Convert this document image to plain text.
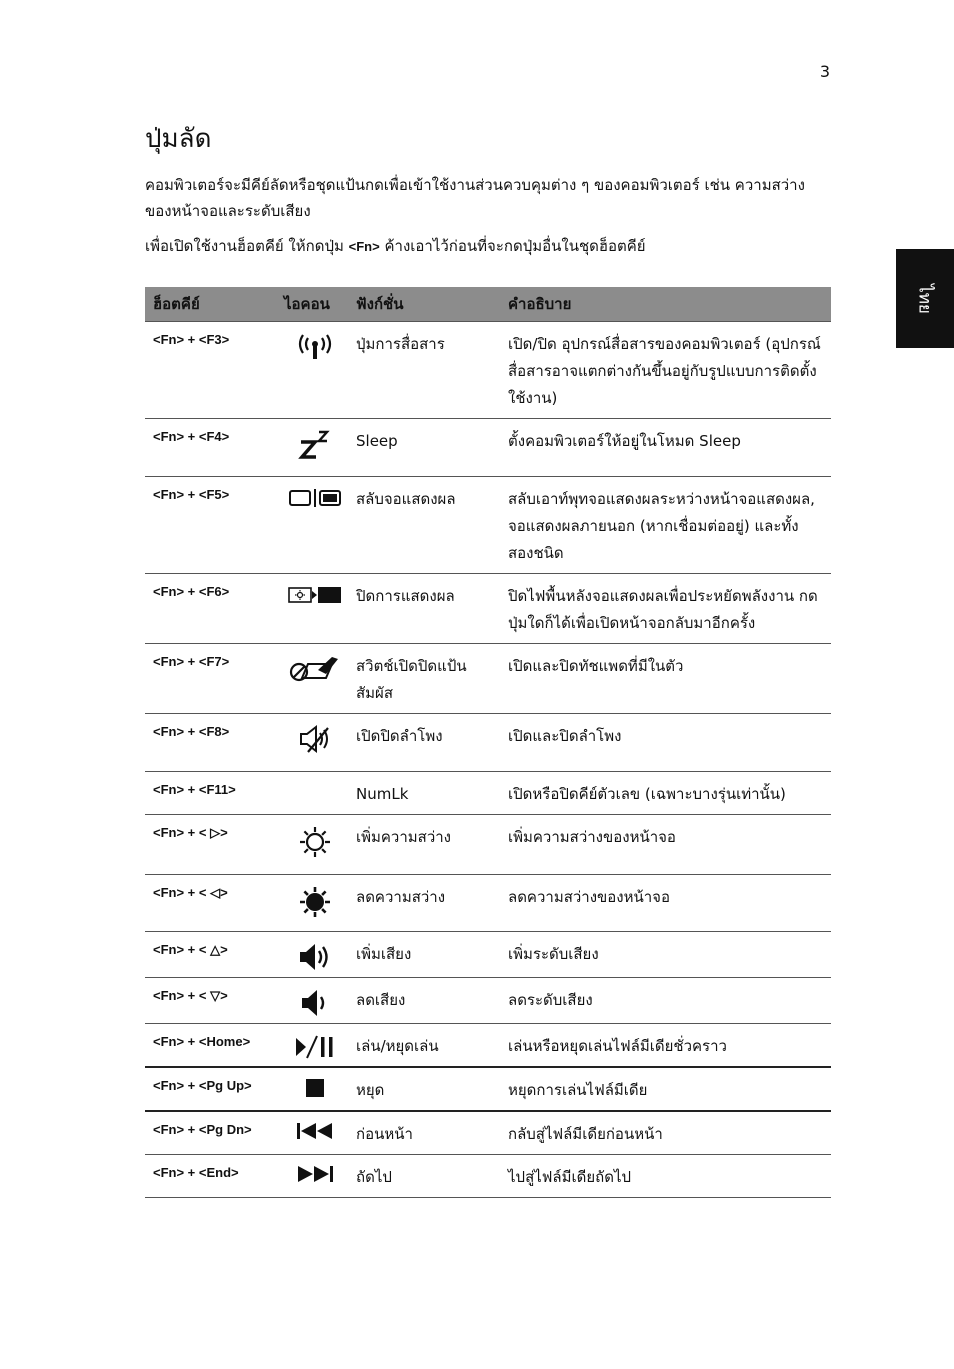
3
ไทย
ปุ่มลัด

คอมพิวเตอร์จะมีคีย์ลัดหรือชุดแป้นกดเพื่อเข้าใช้งานส่วนควบคุมต่าง ๆ ของคอมพิวเตอร์ เช่น ความสว่างของหน้าจอและระดับเสียง

เพื่อเปิดใช้งานฮ็อตคีย์ ให้กดปุ่ม <Fn> ค้างเอาไว้ก่อนที่จะกดปุ่มอื่นในชุดฮ็อตคีย์

ฮ็อตคีย์	ไอคอน	ฟังก์ชั่น	คำอธิบาย
<Fn> + <F3>		ปุ่มการสื่อสาร	เปิด/ปิด อุปกรณ์สื่อสารของคอมพิวเตอร์ (อุปกรณ์สื่อสารอาจแตกต่างกันขึ้นอยู่กับรูปแบบการติดตั้งใช้งาน)
<Fn> + <F4>		Sleep	ตั้งคอมพิวเตอร์ให้อยู่ในโหมด Sleep
<Fn> + <F5>		สลับจอแสดงผล	สลับเอาท์พุทจอแสดงผลระหว่างหน้าจอแสดงผล, จอแสดงผลภายนอก (หากเชื่อมต่ออยู่) และทั้งสองชนิด
<Fn> + <F6>		ปิดการแสดงผล	ปิดไฟพื้นหลังจอแสดงผลเพื่อประหยัดพลังงาน กดปุ่มใดก็ได้เพื่อเปิดหน้าจอกลับมาอีกครั้ง
<Fn> + <F7>		สวิตช์เปิดปิดแป้นสัมผัส	เปิดและปิดทัชแพดที่มีในตัว
<Fn> + <F8>		เปิดปิดลำโพง	เปิดและปิดลำโพง
<Fn> + <F11>		NumLk	เปิดหรือปิดคีย์ตัวเลข (เฉพาะบางรุ่นเท่านั้น)
<Fn> + < ▷>		เพิ่มความสว่าง	เพิ่มความสว่างของหน้าจอ
<Fn> + < ◁>		ลดความสว่าง	ลดความสว่างของหน้าจอ
<Fn> + < △>		เพิ่มเสียง	เพิ่มระดับเสียง
<Fn> + < ▽>		ลดเสียง	ลดระดับเสียง
<Fn> + <Home>		เล่น/หยุดเล่น	เล่นหรือหยุดเล่นไฟล์มีเดียชั่วคราว
<Fn> + <Pg Up>		หยุด	หยุดการเล่นไฟล์มีเดีย
<Fn> + <Pg Dn>		ก่อนหน้า	กลับสู่ไฟล์มีเดียก่อนหน้า
<Fn> + <End>		ถัดไป	ไปสู่ไฟล์มีเดียถัดไป
